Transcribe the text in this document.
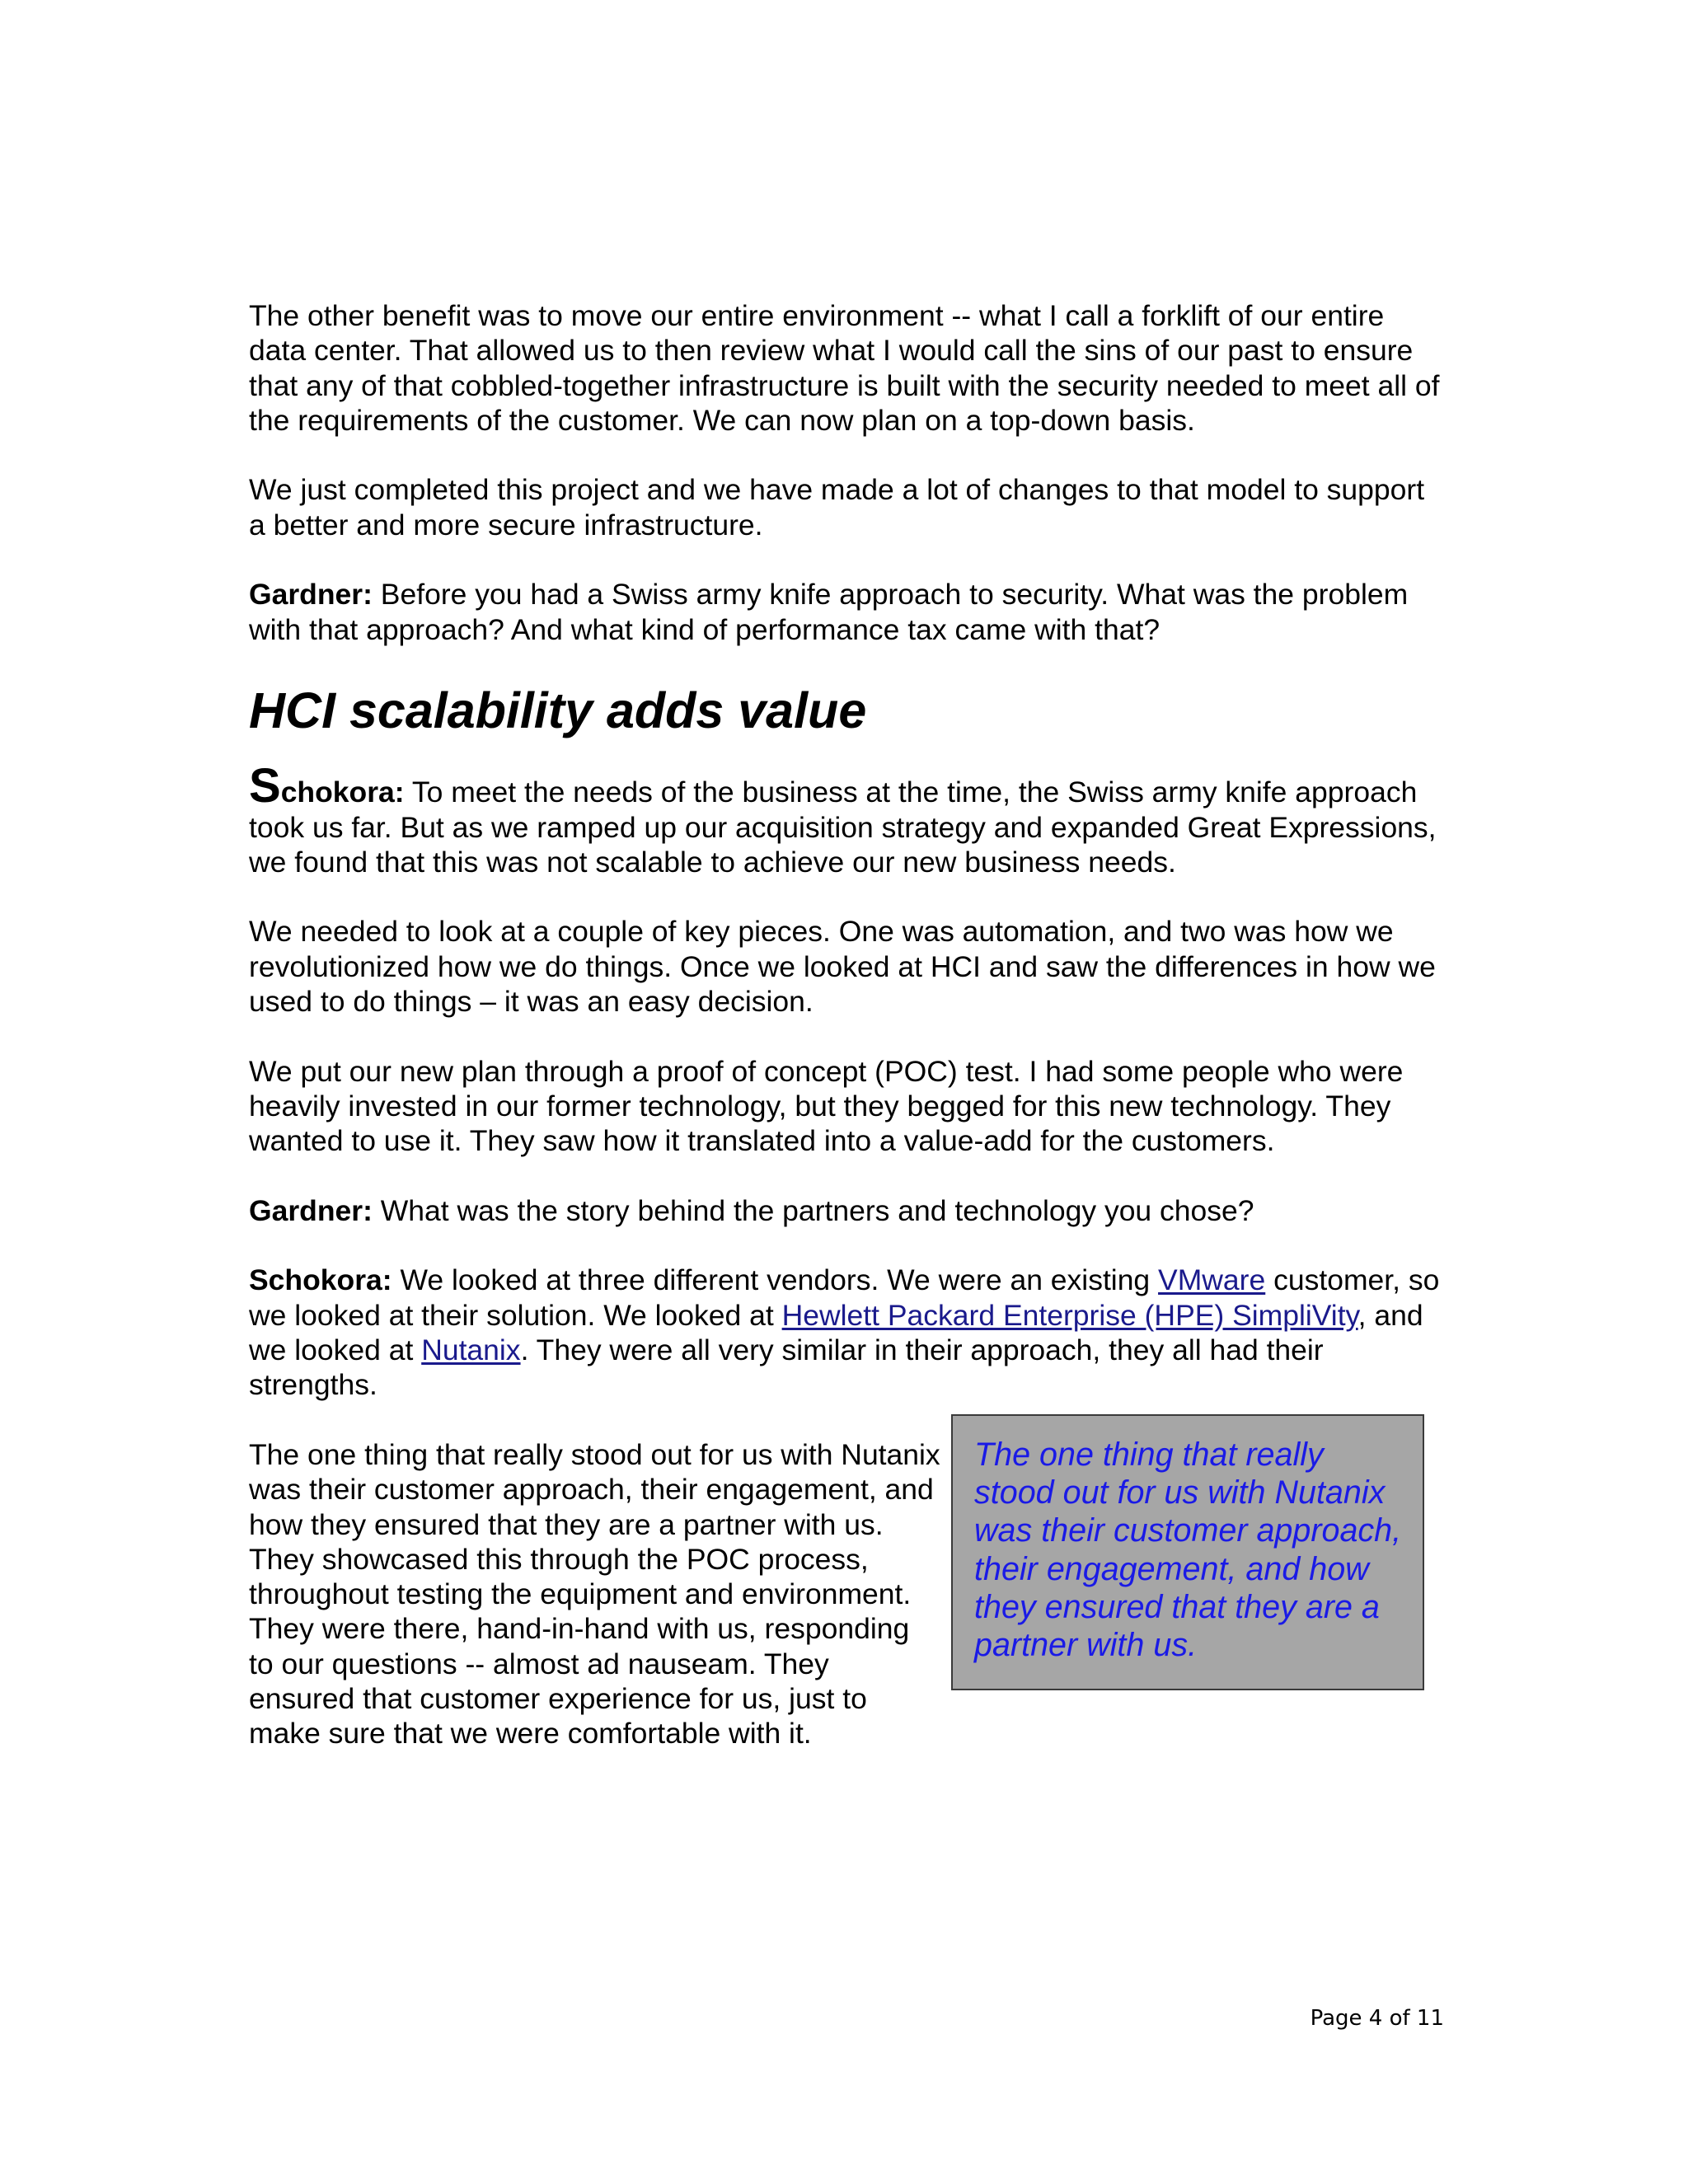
The other benefit was to move our entire environment -- what I call a forklift of our entire data center. That allowed us to then review what I would call the sins of our past to ensure that any of that cobbled-together infrastructure is built with the security needed to meet all of the requirements of the customer. We can now plan on a top-down basis.

We just completed this project and we have made a lot of changes to that model to support a better and more secure infrastructure.

Gardner: Before you had a Swiss army knife approach to security. What was the problem with that approach? And what kind of performance tax came with that?

HCI scalability adds value

Schokora: To meet the needs of the business at the time, the Swiss army knife approach took us far. But as we ramped up our acquisition strategy and expanded Great Expressions, we found that this was not scalable to achieve our new business needs.

We needed to look at a couple of key pieces. One was automation, and two was how we revolutionized how we do things. Once we looked at HCI and saw the differences in how we used to do things – it was an easy decision.

We put our new plan through a proof of concept (POC) test. I had some people who were heavily invested in our former technology, but they begged for this new technology. They wanted to use it. They saw how it translated into a value-add for the customers.

Gardner: What was the story behind the partners and technology you chose?

Schokora: We looked at three different vendors. We were an existing VMware customer, so we looked at their solution. We looked at Hewlett Packard Enterprise (HPE) SimpliVity, and we looked at Nutanix. They were all very similar in their approach, they all had their strengths.

The one thing that really stood out for us with Nutanix was their customer approach, their engagement, and how they ensured that they are a partner with us. They showcased this through the POC process, throughout testing the equipment and environment. They were there, hand-in-hand with us, responding to our questions -- almost ad nauseam. They ensured that customer experience for us, just to make sure that we were comfortable with it.

The one thing that really stood out for us with Nutanix was their customer approach, their engagement, and how they ensured that they are a partner with us.
Page 4 of 11
